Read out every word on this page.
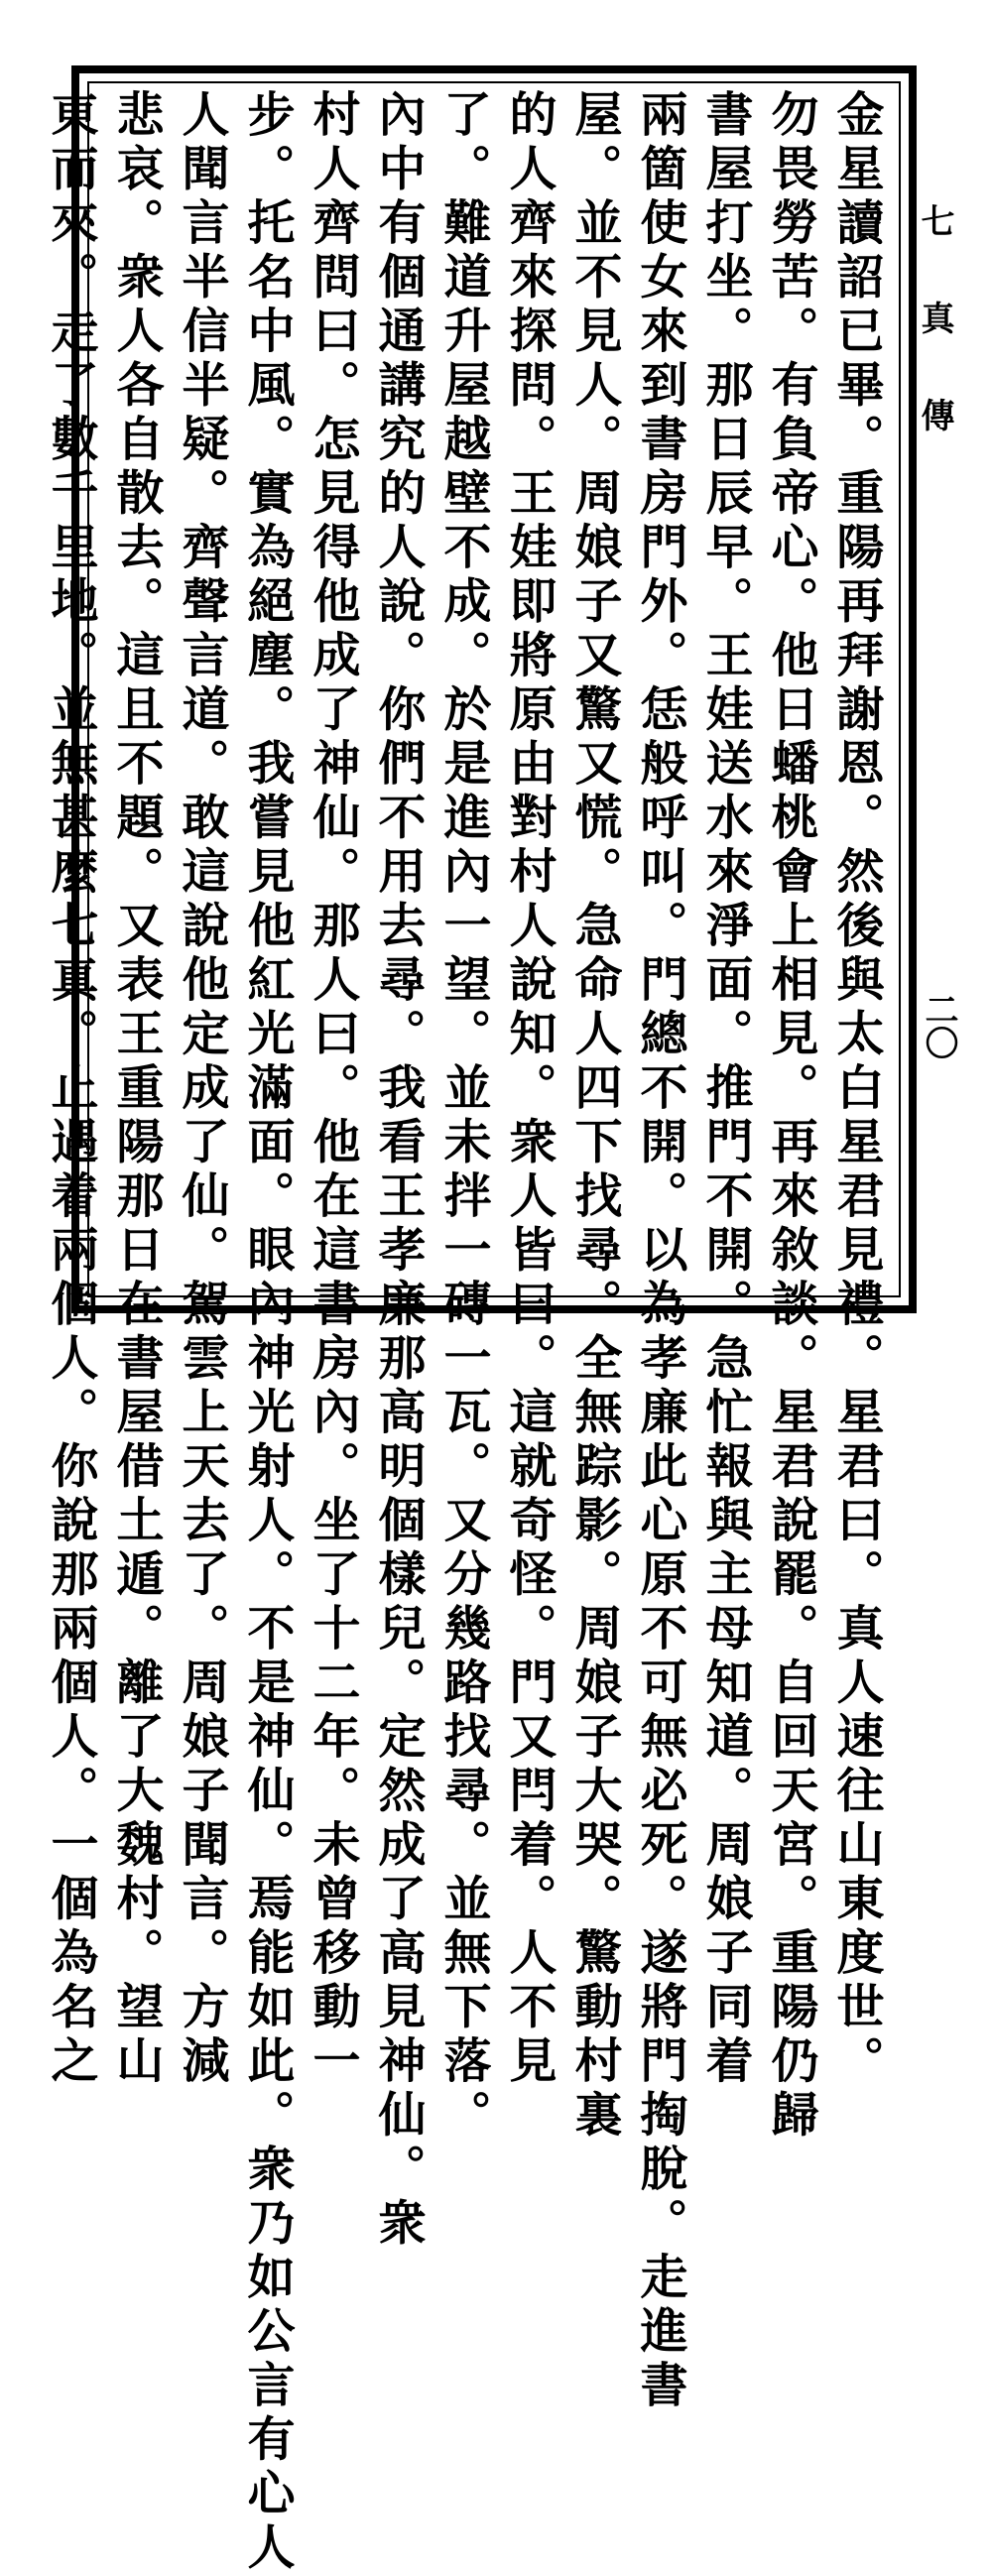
七真傳
二〇
金星讀詔已畢。重陽再拜謝恩。然後與太白星君見禮。星君曰。真人速往山東度世。
勿畏勞苦。有負帝心。他日蟠桃會上相見。再來敘談。星君說罷。自回天宮。重陽仍歸
書屋打坐。那日辰早。王娃送水來淨面。推門不開。急忙報與主母知道。周娘子同着
兩箇使女來到書房門外。恁般呼叫。門總不開。以為孝廉此心原不可無必死。遂將門掏脫。走進書
屋。並不見人。周娘子又驚又慌。急命人四下找尋。全無踪影。周娘子大哭。驚動村裏
的人齊來探問。王娃即將原由對村人說知。衆人皆曰。這就奇怪。門又閂着。人不見
了。難道升屋越壁不成。於是進內一望。並未拌一磚一瓦。又分幾路找尋。並無下落。
內中有個通講究的人說。你們不用去尋。我看王孝廉那高明個樣兒。定然成了高見神仙。衆
村人齊問曰。怎見得他成了神仙。那人曰。他在這書房內。坐了十二年。未曾移動一
步。托名中風。實為絕塵。我嘗見他紅光滿面。眼內神光射人。不是神仙。焉能如此。衆乃如公言有心人
人聞言半信半疑。齊聲言道。敢這說他定成了仙。駕雲上天去了。周娘子聞言。方減
悲哀。衆人各自散去。這且不題。又表王重陽那日在書屋借土遁。離了大魏村。望山
東而來。走了數千里地。並無甚麼七真。止遇着兩個人。你說那兩個人。一個為名之
